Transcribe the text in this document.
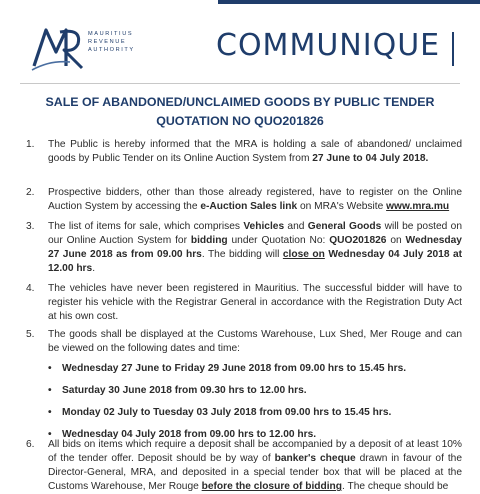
MAURITIUS
REVENUE
AUTHORITY	COMMUNIQUE
SALE OF ABANDONED/UNCLAIMED GOODS BY PUBLIC TENDER
QUOTATION NO QUO201826
1.	The Public is hereby informed that the MRA is holding a sale of abandoned/ unclaimed goods by Public Tender on its Online Auction System from 27 June to 04 July 2018.
2.	Prospective bidders, other than those already registered, have to register on the Online Auction System by accessing the e-Auction Sales link on MRA's Website www.mra.mu
3.	The list of items for sale, which comprises Vehicles and General Goods will be posted on our Online Auction System for bidding under Quotation No: QUO201826 on Wednesday 27 June 2018 as from 09.00 hrs. The bidding will close on Wednesday 04 July 2018 at 12.00 hrs.
4.	The vehicles have never been registered in Mauritius. The successful bidder will have to register his vehicle with the Registrar General in accordance with the Registration Duty Act at his own cost.
5.	The goods shall be displayed at the Customs Warehouse, Lux Shed, Mer Rouge and can be viewed on the following dates and time:
• Wednesday 27 June to Friday 29 June 2018 from 09.00 hrs to 15.45 hrs.
• Saturday 30 June 2018 from 09.30 hrs to 12.00 hrs.
• Monday 02 July to Tuesday 03 July 2018 from 09.00 hrs to 15.45 hrs.
• Wednesday 04 July 2018 from 09.00 hrs to 12.00 hrs.
6.	All bids on items which require a deposit shall be accompanied by a deposit of at least 10% of the tender offer. Deposit should be by way of banker's cheque drawn in favour of the Director-General, MRA, and deposited in a special tender box that will be placed at the Customs Warehouse, Mer Rouge before the closure of bidding. The cheque should be
